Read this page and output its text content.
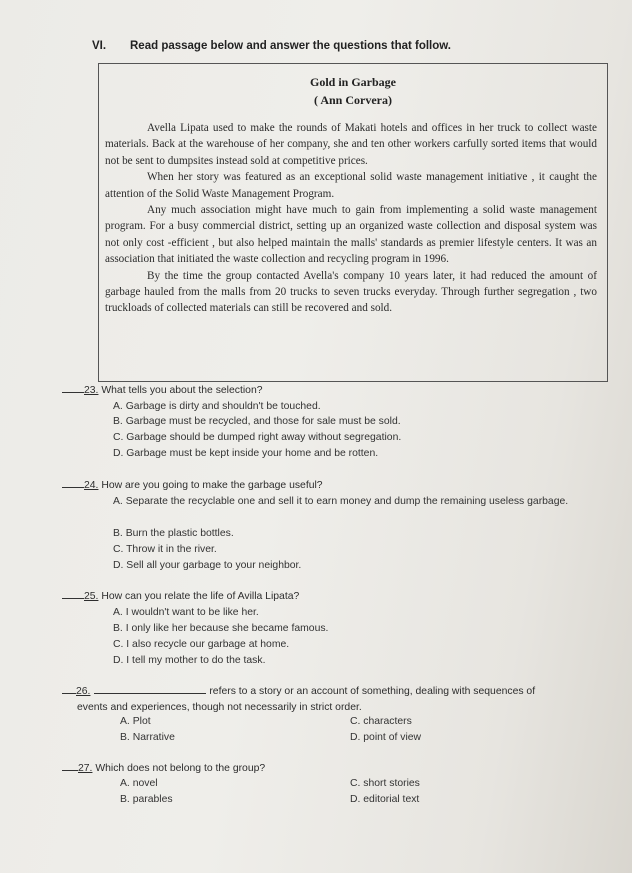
VI. Read passage below and answer the questions that follow.
Gold in Garbage
( Ann Corvera)

Avella Lipata used to make the rounds of Makati hotels and offices in her truck to collect waste materials. Back at the warehouse of her company, she and ten other workers carfully sorted items that would not be sent to dumpsites instead sold at competitive prices.

When her story was featured as an exceptional solid waste management initiative , it caught the attention of the Solid Waste Management Program.

Any much association might have much to gain from implementing a solid waste management program. For a busy commercial district, setting up an organized waste collection and disposal system was not only cost -efficient , but also helped maintain the malls' standards as premier lifestyle centers. It was an association that initiated the waste collection and recycling program in 1996.

By the time the group contacted Avella's company 10 years later, it had reduced the amount of garbage hauled from the malls from 20 trucks to seven trucks everyday. Through further segregation , two truckloads of collected materials can still be recovered and sold.

23. What tells you about the selection?
A. Garbage is dirty and shouldn't be touched.
B. Garbage must be recycled, and those for sale must be sold.
C. Garbage should be dumped right away without segregation.
D. Garbage must be kept inside your home and be rotten.
24. How are you going to make the garbage useful?
A. Separate the recyclable one and sell it to earn money and dump the remaining useless garbage.
B. Burn the plastic bottles.
C. Throw it in the river.
D. Sell all your garbage to your neighbor.
25. How can you relate the life of Avilla Lipata?
A. I wouldn't want to be like her.
B. I only like her because she became famous.
C. I also recycle our garbage at home.
D. I tell my mother to do the task.
26.	refers to a story or an account of something, dealing with sequences of
events and experiences, though not necessarily in strict order.
A. Plot	C. characters
B. Narrative	D. point of view
27. Which does not belong to the group?
A. novel	C. short stories
B. parables	D. editorial text
